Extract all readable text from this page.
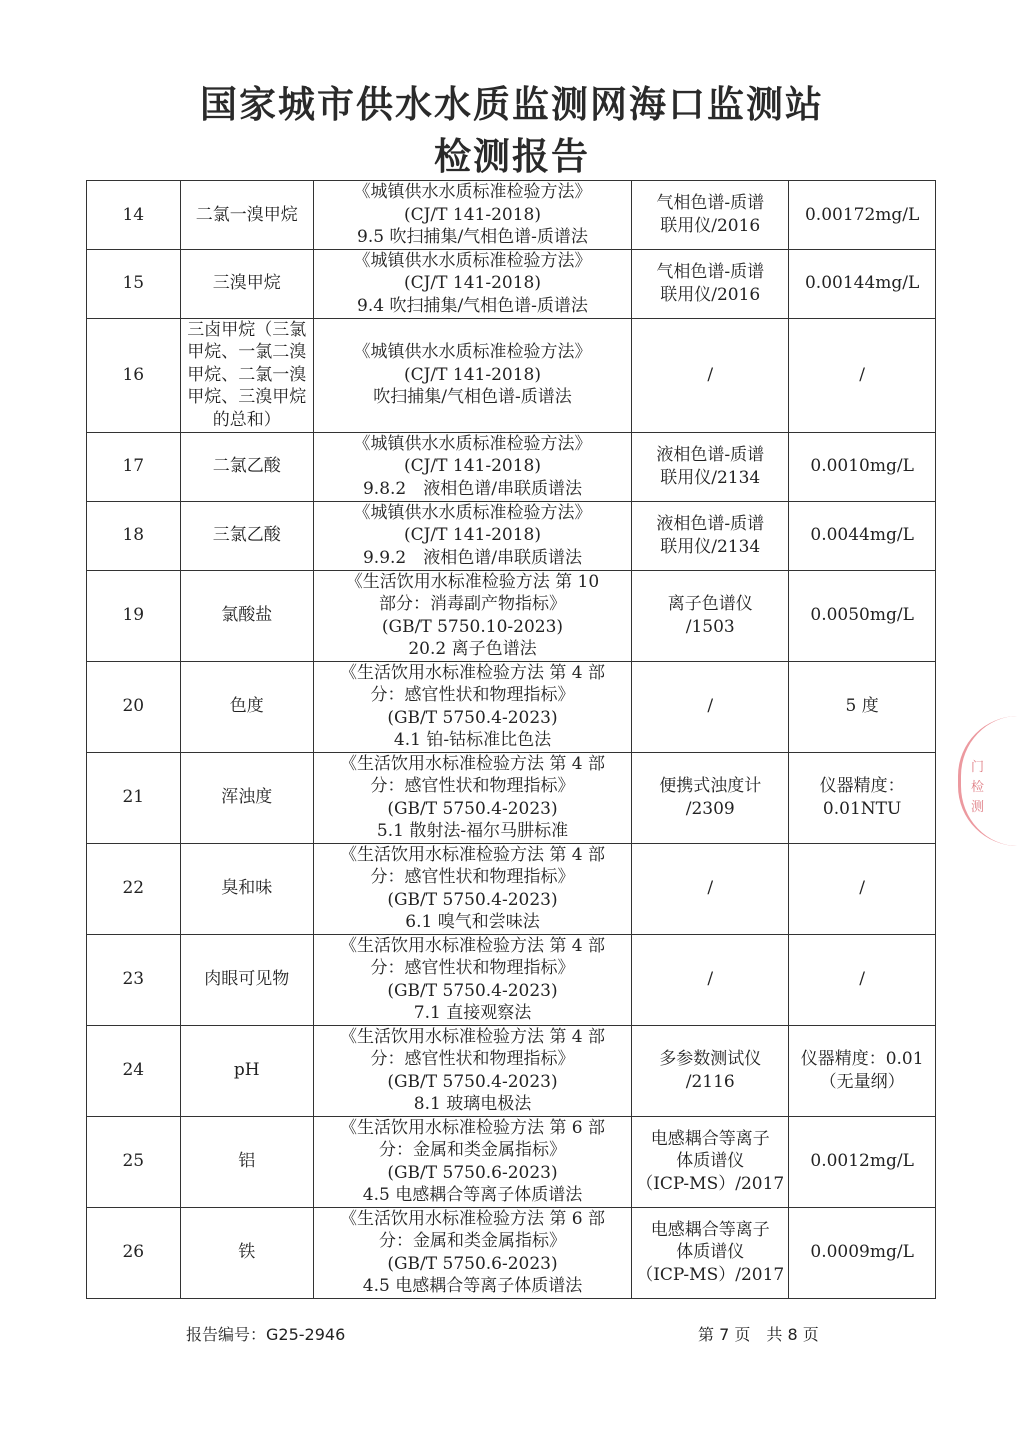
国家城市供水水质监测网海口监测站
检测报告
14	二氯一溴甲烷	《城镇供水水质标准检验方法》
(CJ/T 141-2018)
9.5 吹扫捕集/气相色谱-质谱法	气相色谱-质谱
联用仪/2016	0.00172mg/L

15	三溴甲烷	《城镇供水水质标准检验方法》
(CJ/T 141-2018)
9.4 吹扫捕集/气相色谱-质谱法	气相色谱-质谱
联用仪/2016	0.00144mg/L

16	三卤甲烷（三氯
甲烷、一氯二溴
甲烷、二氯一溴
甲烷、三溴甲烷
的总和）	《城镇供水水质标准检验方法》
(CJ/T 141-2018)
吹扫捕集/气相色谱-质谱法	/	/

17	二氯乙酸	《城镇供水水质标准检验方法》
(CJ/T 141-2018)
9.8.2　液相色谱/串联质谱法	液相色谱-质谱
联用仪/2134	0.0010mg/L

18	三氯乙酸	《城镇供水水质标准检验方法》
(CJ/T 141-2018)
9.9.2　液相色谱/串联质谱法	液相色谱-质谱
联用仪/2134	0.0044mg/L

19	氯酸盐	《生活饮用水标准检验方法 第 10
部分：消毒副产物指标》
(GB/T 5750.10-2023)
20.2 离子色谱法	离子色谱仪
/1503	0.0050mg/L

20	色度	《生活饮用水标准检验方法 第 4 部
分：感官性状和物理指标》
(GB/T 5750.4-2023)
4.1 铂-钴标准比色法	/	5 度

21	浑浊度	《生活饮用水标准检验方法 第 4 部
分：感官性状和物理指标》
(GB/T 5750.4-2023)
5.1 散射法-福尔马肼标准	便携式浊度计
/2309	仪器精度：
0.01NTU

22	臭和味	《生活饮用水标准检验方法 第 4 部
分：感官性状和物理指标》
(GB/T 5750.4-2023)
6.1 嗅气和尝味法	/	/

23	肉眼可见物	《生活饮用水标准检验方法 第 4 部
分：感官性状和物理指标》
(GB/T 5750.4-2023)
7.1 直接观察法	/	/

24	pH	《生活饮用水标准检验方法 第 4 部
分：感官性状和物理指标》
(GB/T 5750.4-2023)
8.1 玻璃电极法	多参数测试仪
/2116	仪器精度：0.01
（无量纲）

25	铝	《生活饮用水标准检验方法 第 6 部
分：金属和类金属指标》
(GB/T 5750.6-2023)
4.5 电感耦合等离子体质谱法	电感耦合等离子
体质谱仪
（ICP-MS）/2017	0.0012mg/L

26	铁	《生活饮用水标准检验方法 第 6 部
分：金属和类金属指标》
(GB/T 5750.6-2023)
4.5 电感耦合等离子体质谱法	电感耦合等离子
体质谱仪
（ICP-MS）/2017	0.0009mg/L
报告编号：G25-2946	第 7 页　共 8 页
门
检
测
